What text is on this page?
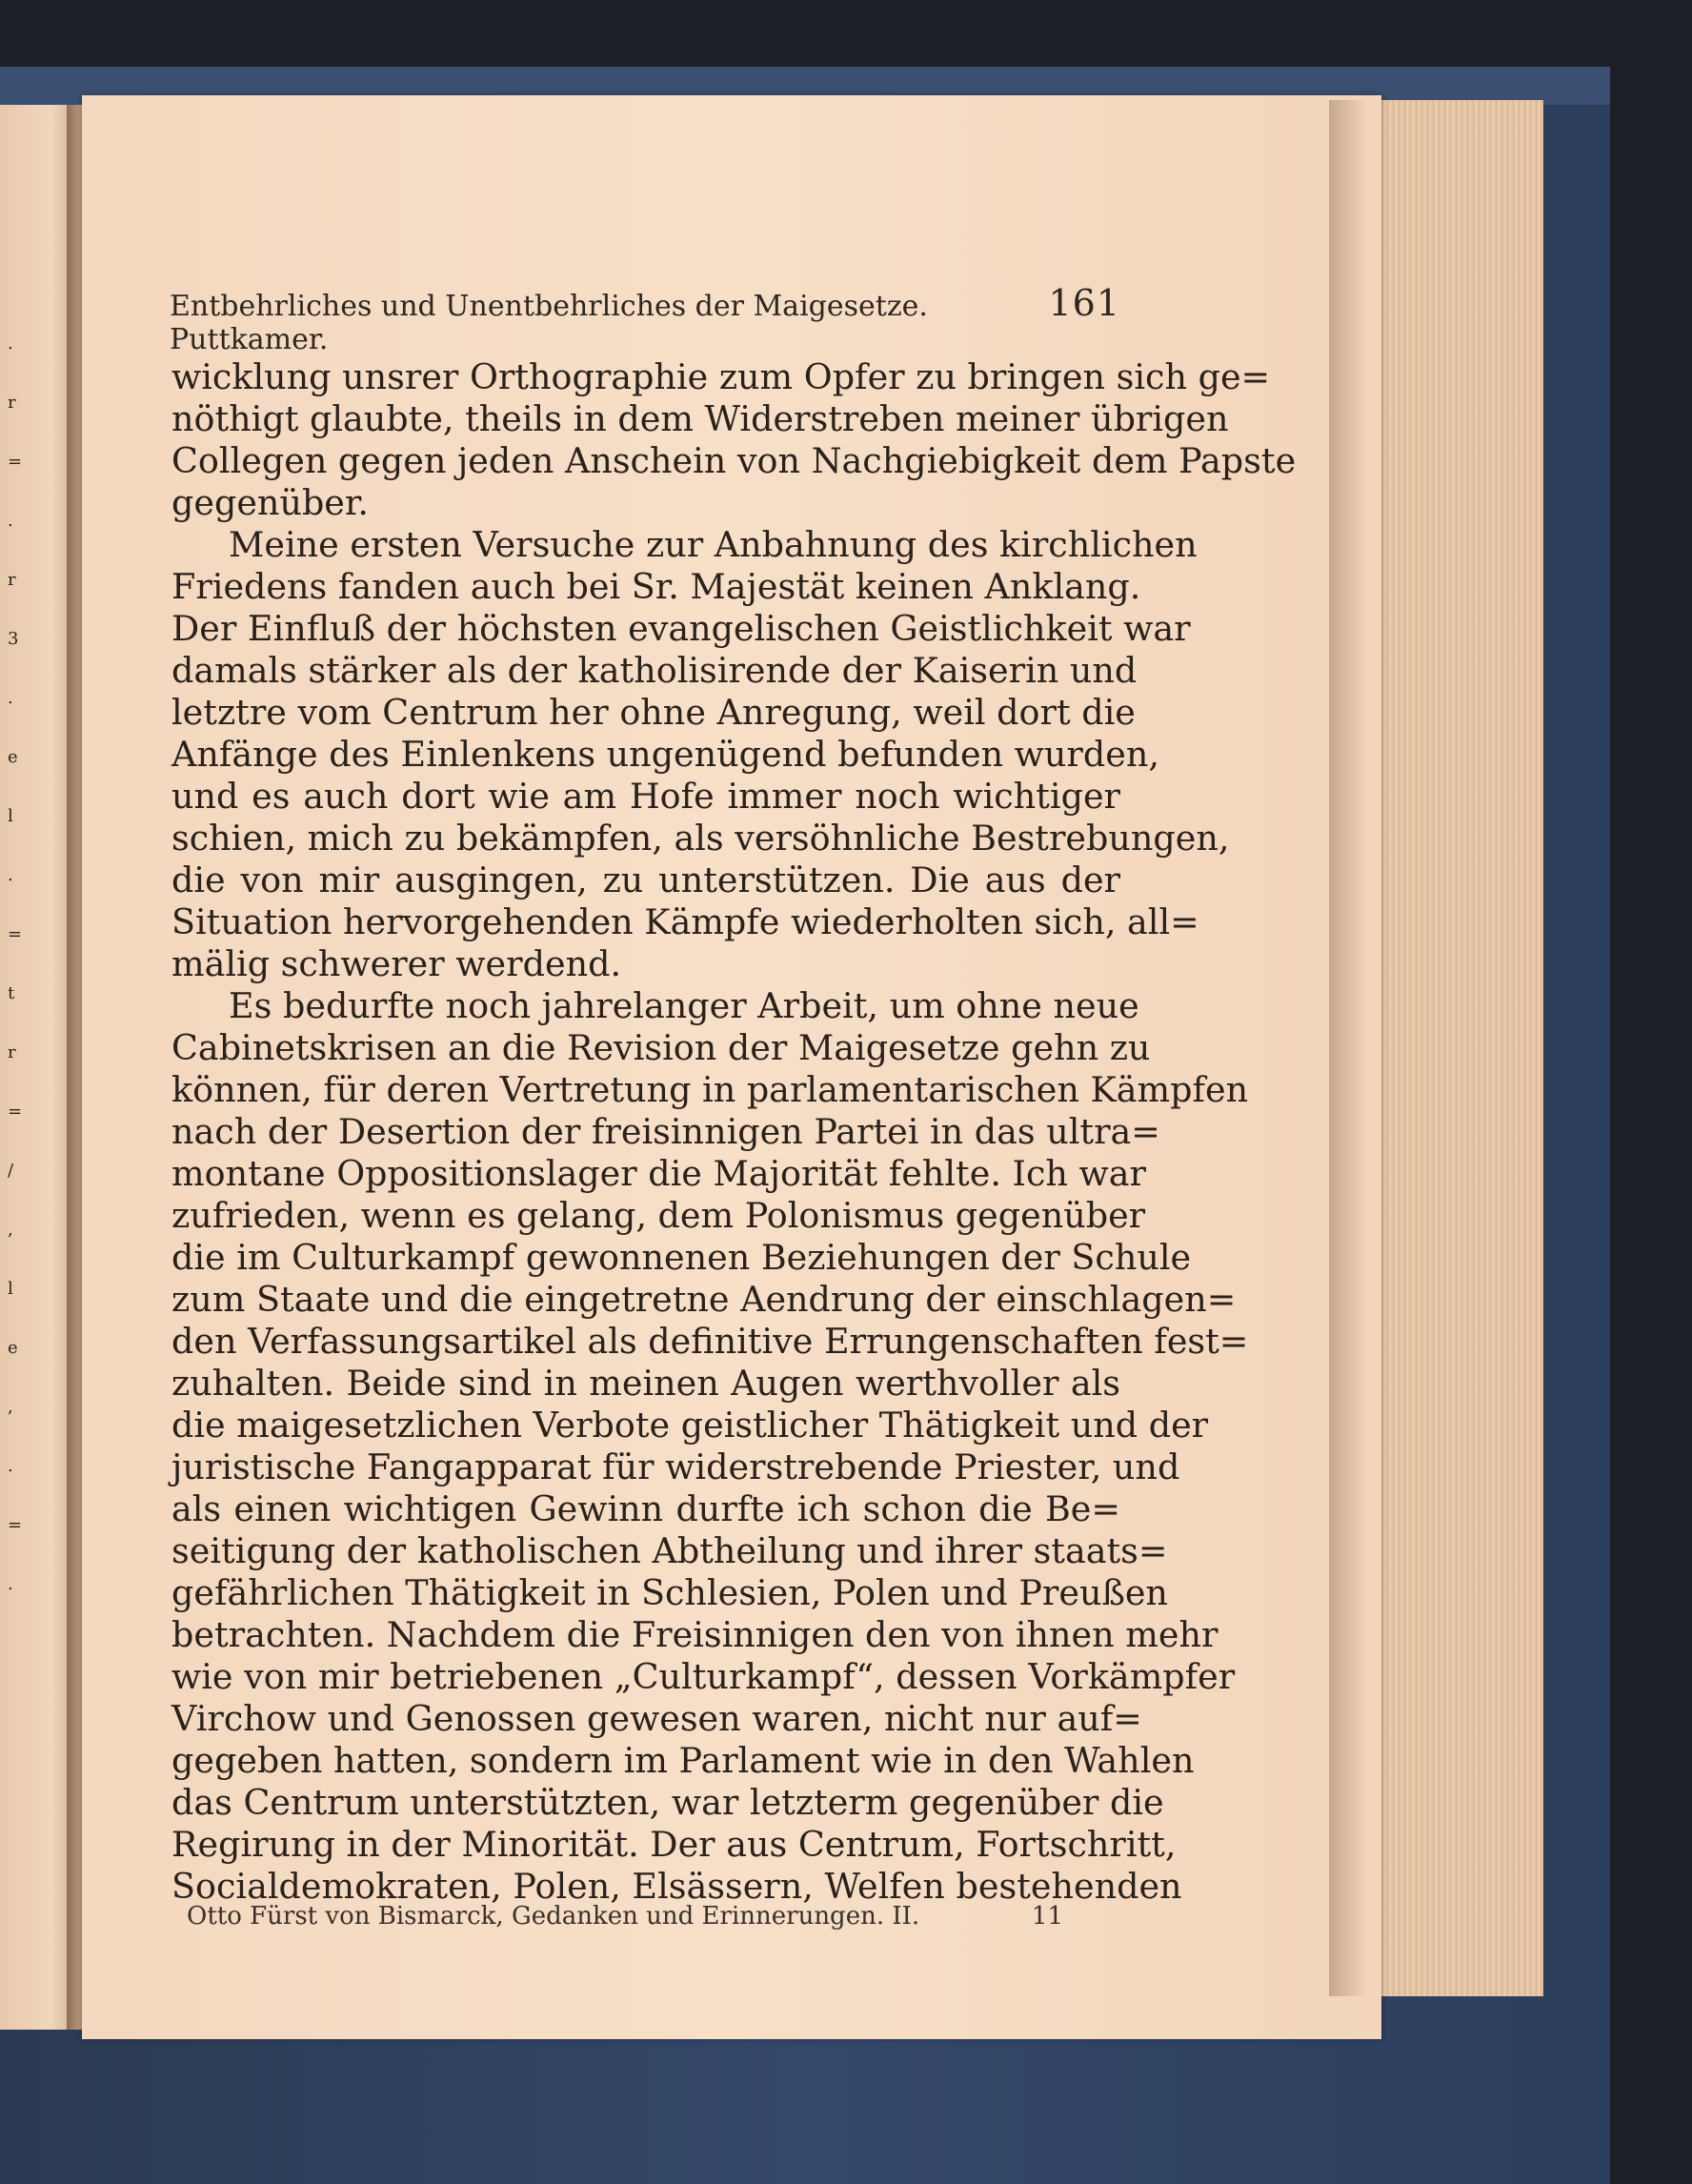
.
r
=
.
r
3
.
e
l
.
=
t
r
=
/
,
l
e
,
.
=
.
Entbehrliches und Unentbehrliches der Maigesetze. Puttkamer.
161
wicklung unsrer Orthographie zum Opfer zu bringen sich ge=
nöthigt glaubte, theils in dem Widerstreben meiner übrigen
Collegen gegen jeden Anschein von Nachgiebigkeit dem Papste
gegenüber.
Meine ersten Versuche zur Anbahnung des kirchlichen
Friedens fanden auch bei Sr. Majestät keinen Anklang.
Der Einfluß der höchsten evangelischen Geistlichkeit war
damals stärker als der katholisirende der Kaiserin und
letztre vom Centrum her ohne Anregung, weil dort die
Anfänge des Einlenkens ungenügend befunden wurden,
und es auch dort wie am Hofe immer noch wichtiger
schien, mich zu bekämpfen, als versöhnliche Bestrebungen,
die von mir ausgingen, zu unterstützen. Die aus der
Situation hervorgehenden Kämpfe wiederholten sich, all=
mälig schwerer werdend.
Es bedurfte noch jahrelanger Arbeit, um ohne neue
Cabinetskrisen an die Revision der Maigesetze gehn zu
können, für deren Vertretung in parlamentarischen Kämpfen
nach der Desertion der freisinnigen Partei in das ultra=
montane Oppositionslager die Majorität fehlte. Ich war
zufrieden, wenn es gelang, dem Polonismus gegenüber
die im Culturkampf gewonnenen Beziehungen der Schule
zum Staate und die eingetretne Aendrung der einschlagen=
den Verfassungsartikel als definitive Errungenschaften fest=
zuhalten. Beide sind in meinen Augen werthvoller als
die maigesetzlichen Verbote geistlicher Thätigkeit und der
juristische Fangapparat für widerstrebende Priester, und
als einen wichtigen Gewinn durfte ich schon die Be=
seitigung der katholischen Abtheilung und ihrer staats=
gefährlichen Thätigkeit in Schlesien, Polen und Preußen
betrachten. Nachdem die Freisinnigen den von ihnen mehr
wie von mir betriebenen „Culturkampf“, dessen Vorkämpfer
Virchow und Genossen gewesen waren, nicht nur auf=
gegeben hatten, sondern im Parlament wie in den Wahlen
das Centrum unterstützten, war letzterm gegenüber die
Regirung in der Minorität. Der aus Centrum, Fortschritt,
Socialdemokraten, Polen, Elsässern, Welfen bestehenden
Otto Fürst von Bismarck, Gedanken und Erinnerungen. II.	11
